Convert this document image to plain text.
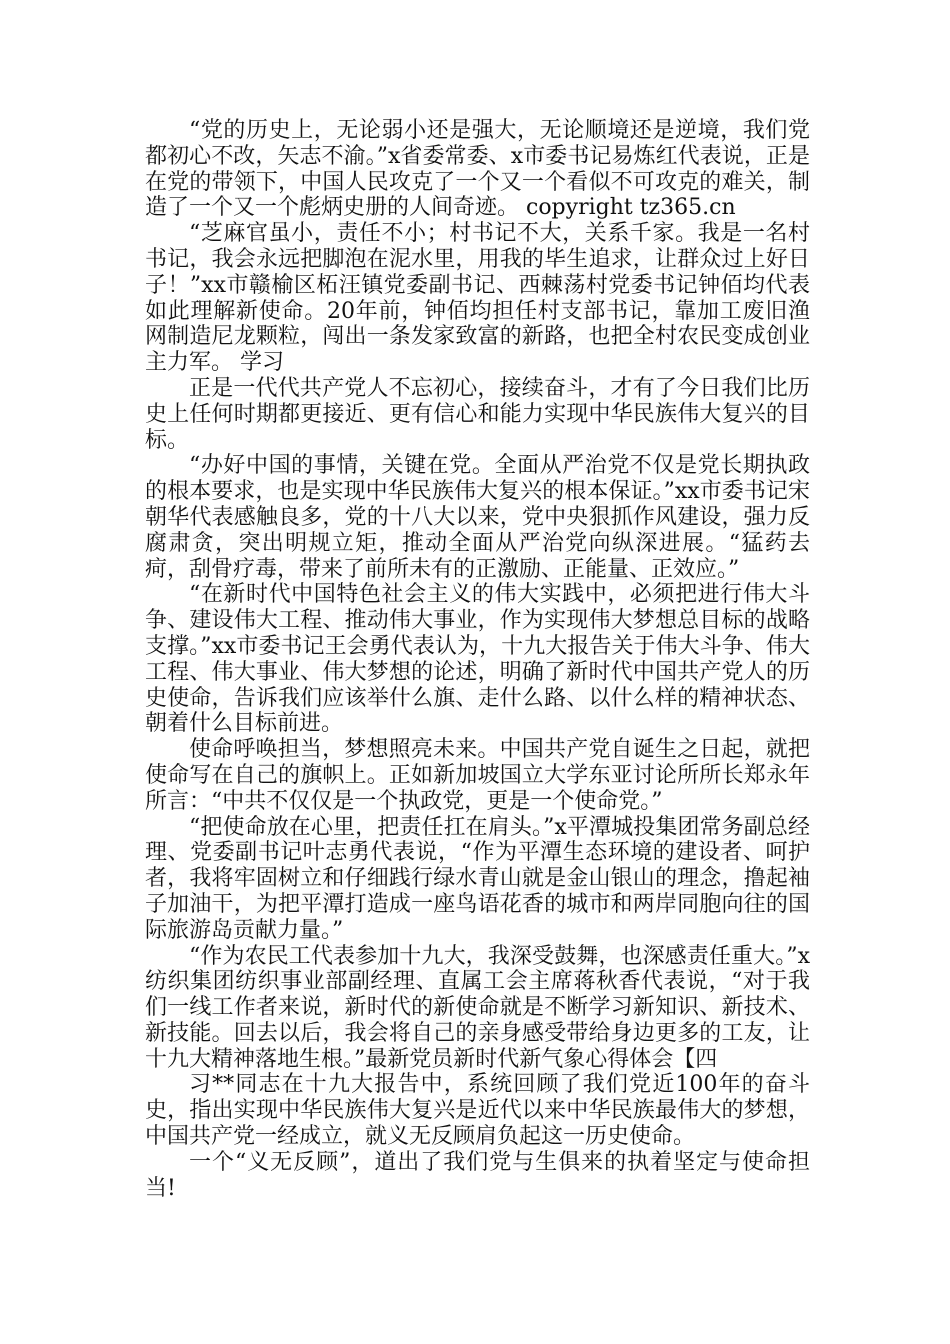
“党的历史上，无论弱小还是强大，无论顺境还是逆境，我们党都初心不改，矢志不渝。”x省委常委、x市委书记易炼红代表说，正是在党的带领下，中国人民攻克了一个又一个看似不可攻克的难关，制造了一个又一个彪炳史册的人间奇迹。 copyright tz365.cn

“芝麻官虽小，责任不小；村书记不大，关系千家。我是一名村书记，我会永远把脚泡在泥水里，用我的毕生追求，让群众过上好日子！”xx市赣榆区柘汪镇党委副书记、西棘荡村党委书记钟佰均代表如此理解新使命。20年前，钟佰均担任村支部书记，靠加工废旧渔网制造尼龙颗粒，闯出一条发家致富的新路，也把全村农民变成创业主力军。 学习

正是一代代共产党人不忘初心，接续奋斗，才有了今日我们比历史上任何时期都更接近、更有信心和能力实现中华民族伟大复兴的目标。

“办好中国的事情，关键在党。全面从严治党不仅是党长期执政的根本要求，也是实现中华民族伟大复兴的根本保证。”xx市委书记宋朝华代表感触良多，党的十八大以来，党中央狠抓作风建设，强力反腐肃贪，突出明规立矩，推动全面从严治党向纵深进展。“猛药去疴，刮骨疗毒，带来了前所未有的正激励、正能量、正效应。”

“在新时代中国特色社会主义的伟大实践中，必须把进行伟大斗争、建设伟大工程、推动伟大事业，作为实现伟大梦想总目标的战略支撑。”xx市委书记王会勇代表认为，十九大报告关于伟大斗争、伟大工程、伟大事业、伟大梦想的论述，明确了新时代中国共产党人的历史使命，告诉我们应该举什么旗、走什么路、以什么样的精神状态、朝着什么目标前进。

使命呼唤担当，梦想照亮未来。中国共产党自诞生之日起，就把使命写在自己的旗帜上。正如新加坡国立大学东亚讨论所所长郑永年所言：“中共不仅仅是一个执政党，更是一个使命党。”

“把使命放在心里，把责任扛在肩头。”x平潭城投集团常务副总经理、党委副书记叶志勇代表说，“作为平潭生态环境的建设者、呵护者，我将牢固树立和仔细践行绿水青山就是金山银山的理念，撸起袖子加油干，为把平潭打造成一座鸟语花香的城市和两岸同胞向往的国际旅游岛贡献力量。”

“作为农民工代表参加十九大，我深受鼓舞，也深感责任重大。”x纺织集团纺织事业部副经理、直属工会主席蒋秋香代表说，“对于我们一线工作者来说，新时代的新使命就是不断学习新知识、新技术、新技能。回去以后，我会将自己的亲身感受带给身边更多的工友，让十九大精神落地生根。”最新党员新时代新气象心得体会【四

习**同志在十九大报告中，系统回顾了我们党近100年的奋斗史，指出实现中华民族伟大复兴是近代以来中华民族最伟大的梦想，中国共产党一经成立，就义无反顾肩负起这一历史使命。

一个“义无反顾”，道出了我们党与生俱来的执着坚定与使命担当!
